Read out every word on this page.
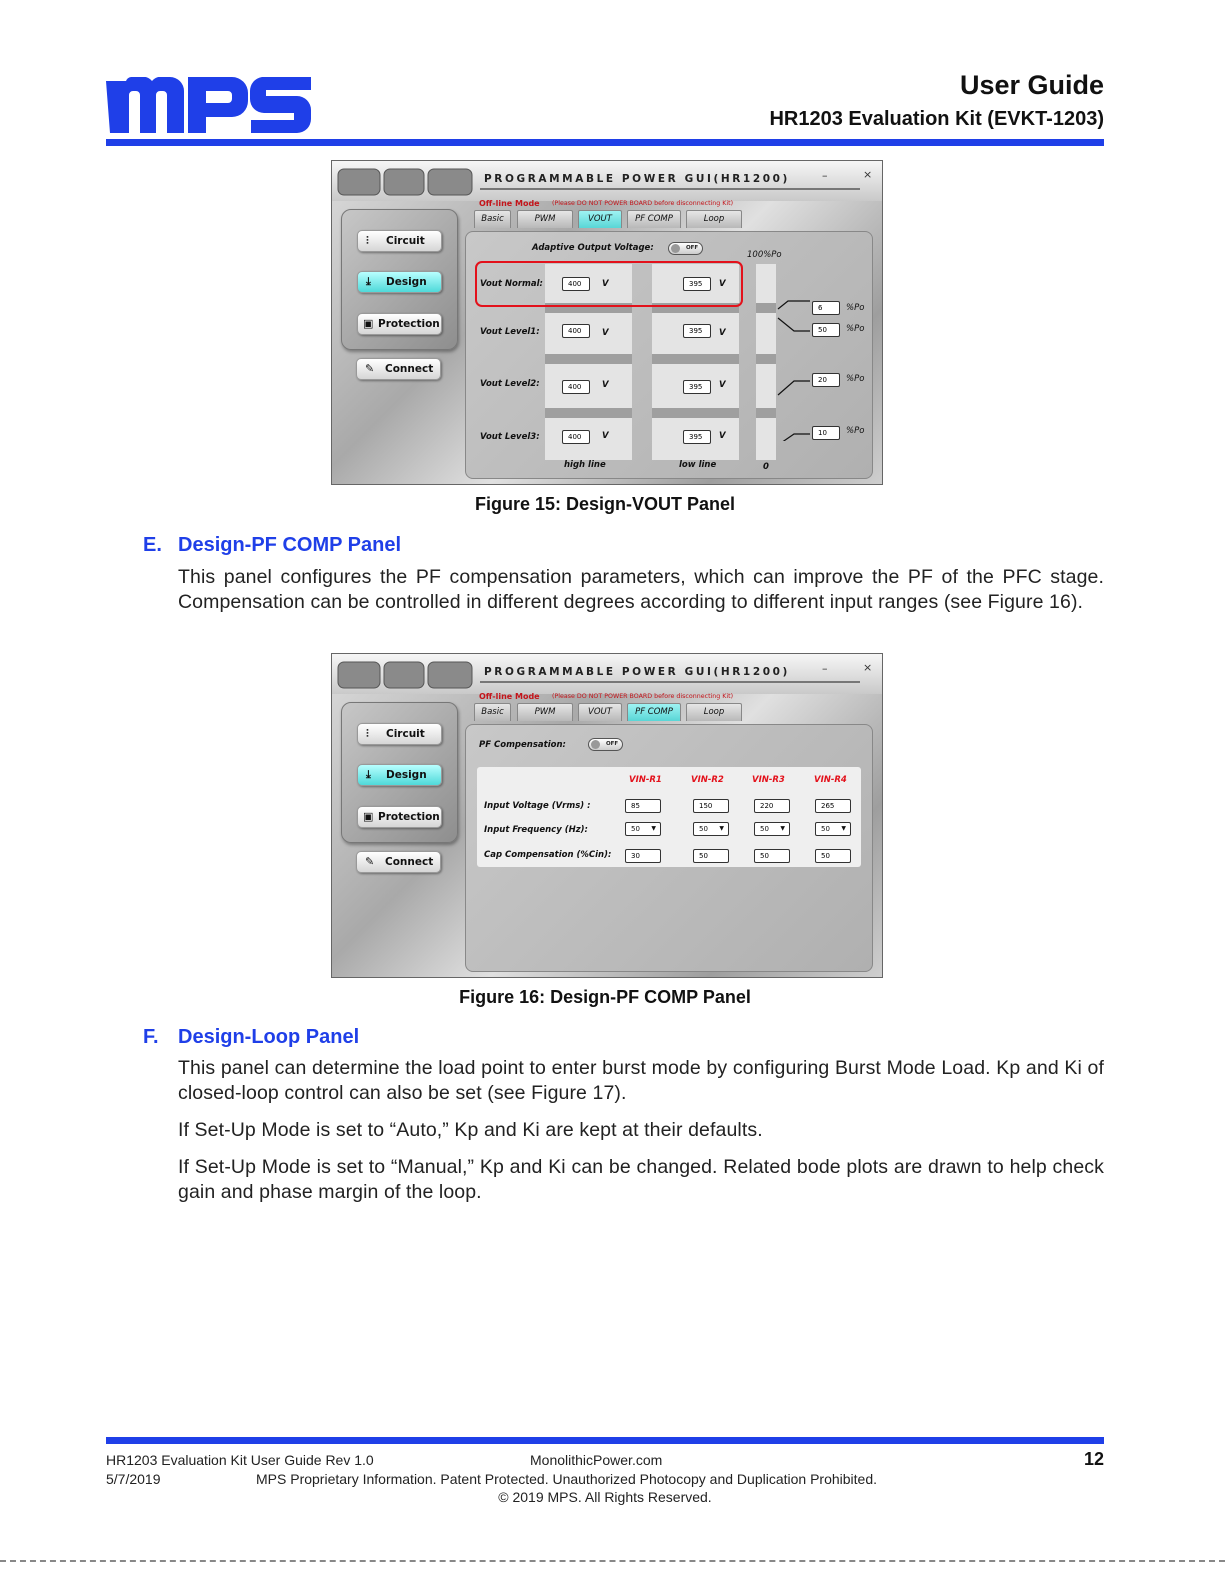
User Guide
HR1203 Evaluation Kit (EVKT-1203)
PROGRAMMABLE POWER GUI(HR1200)	–	×
Off-line Mode (Please DO NOT POWER BOARD before disconnecting Kit)
Basic	PWM	VOUT	PF COMP	Loop
⫶ Circuit
⤓ Design
▣ Protection
✎ Connect
Adaptive Output Voltage:	OFF
100%Po
Vout Normal:	400	V	395	V
Vout Level1:	400	V	395	V
Vout Level2:	400	V	395	V
Vout Level3:	400	V	395	V
6	%Po
50	%Po
20	%Po
10	%Po
high line	low line	0
Figure 15: Design-VOUT Panel
E. Design-PF COMP Panel
This panel configures the PF compensation parameters, which can improve the PF of the PFC stage. Compensation can be controlled in different degrees according to different input ranges (see Figure 16).
PROGRAMMABLE POWER GUI(HR1200)	–	×
Off-line Mode (Please DO NOT POWER BOARD before disconnecting Kit)
Basic	PWM	VOUT	PF COMP	Loop
⫶ Circuit
⤓ Design
▣ Protection
✎ Connect
PF Compensation:	OFF
VIN-R1	VIN-R2	VIN-R3	VIN-R4
Input Voltage (Vrms) :	85	150	220	265
Input Frequency (Hz):	50 ▼	50 ▼	50 ▼	50 ▼
Cap Compensation (%Cin):	30	50	50	50
Figure 16: Design-PF COMP Panel
F. Design-Loop Panel
This panel can determine the load point to enter burst mode by configuring Burst Mode Load. Kp and Ki of closed-loop control can also be set (see Figure 17).
If Set-Up Mode is set to “Auto,” Kp and Ki are kept at their defaults.
If Set-Up Mode is set to “Manual,” Kp and Ki can be changed. Related bode plots are drawn to help check gain and phase margin of the loop.
HR1203 Evaluation Kit User Guide Rev 1.0	MonolithicPower.com	12
5/7/2019	MPS Proprietary Information. Patent Protected. Unauthorized Photocopy and Duplication Prohibited.
© 2019 MPS. All Rights Reserved.
